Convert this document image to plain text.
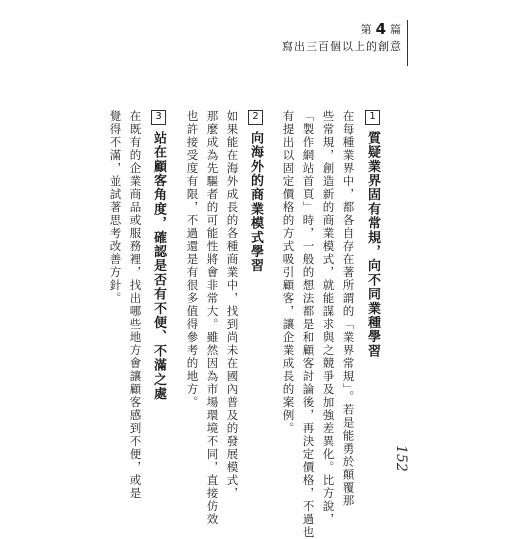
第 4 篇
寫出三百個以上的創意
1質疑業界固有常規，向不同業種學習
在每種業界中，都各自存在著所謂的「業界常規」。若是能勇於顛覆那
些常規，創造新的商業模式，就能謀求與之競爭及加強差異化。比方說，
「製作網站首頁」時，一般的想法都是和顧客討論後，再決定價格，不過也
有提出以固定價格的方式吸引顧客，讓企業成長的案例。
2向海外的商業模式學習
如果能在海外成長的各種商業中，找到尚未在國內普及的發展模式，
那麼成為先驅者的可能性將會非常大。雖然因為市場環境不同，直接仿效
也許接受度有限，不過還是有很多值得參考的地方。
3站在顧客角度，確認是否有不便、不滿之處
在既有的企業商品或服務裡，找出哪些地方會讓顧客感到不便，或是
覺得不滿，並試著思考改善方針。
152
